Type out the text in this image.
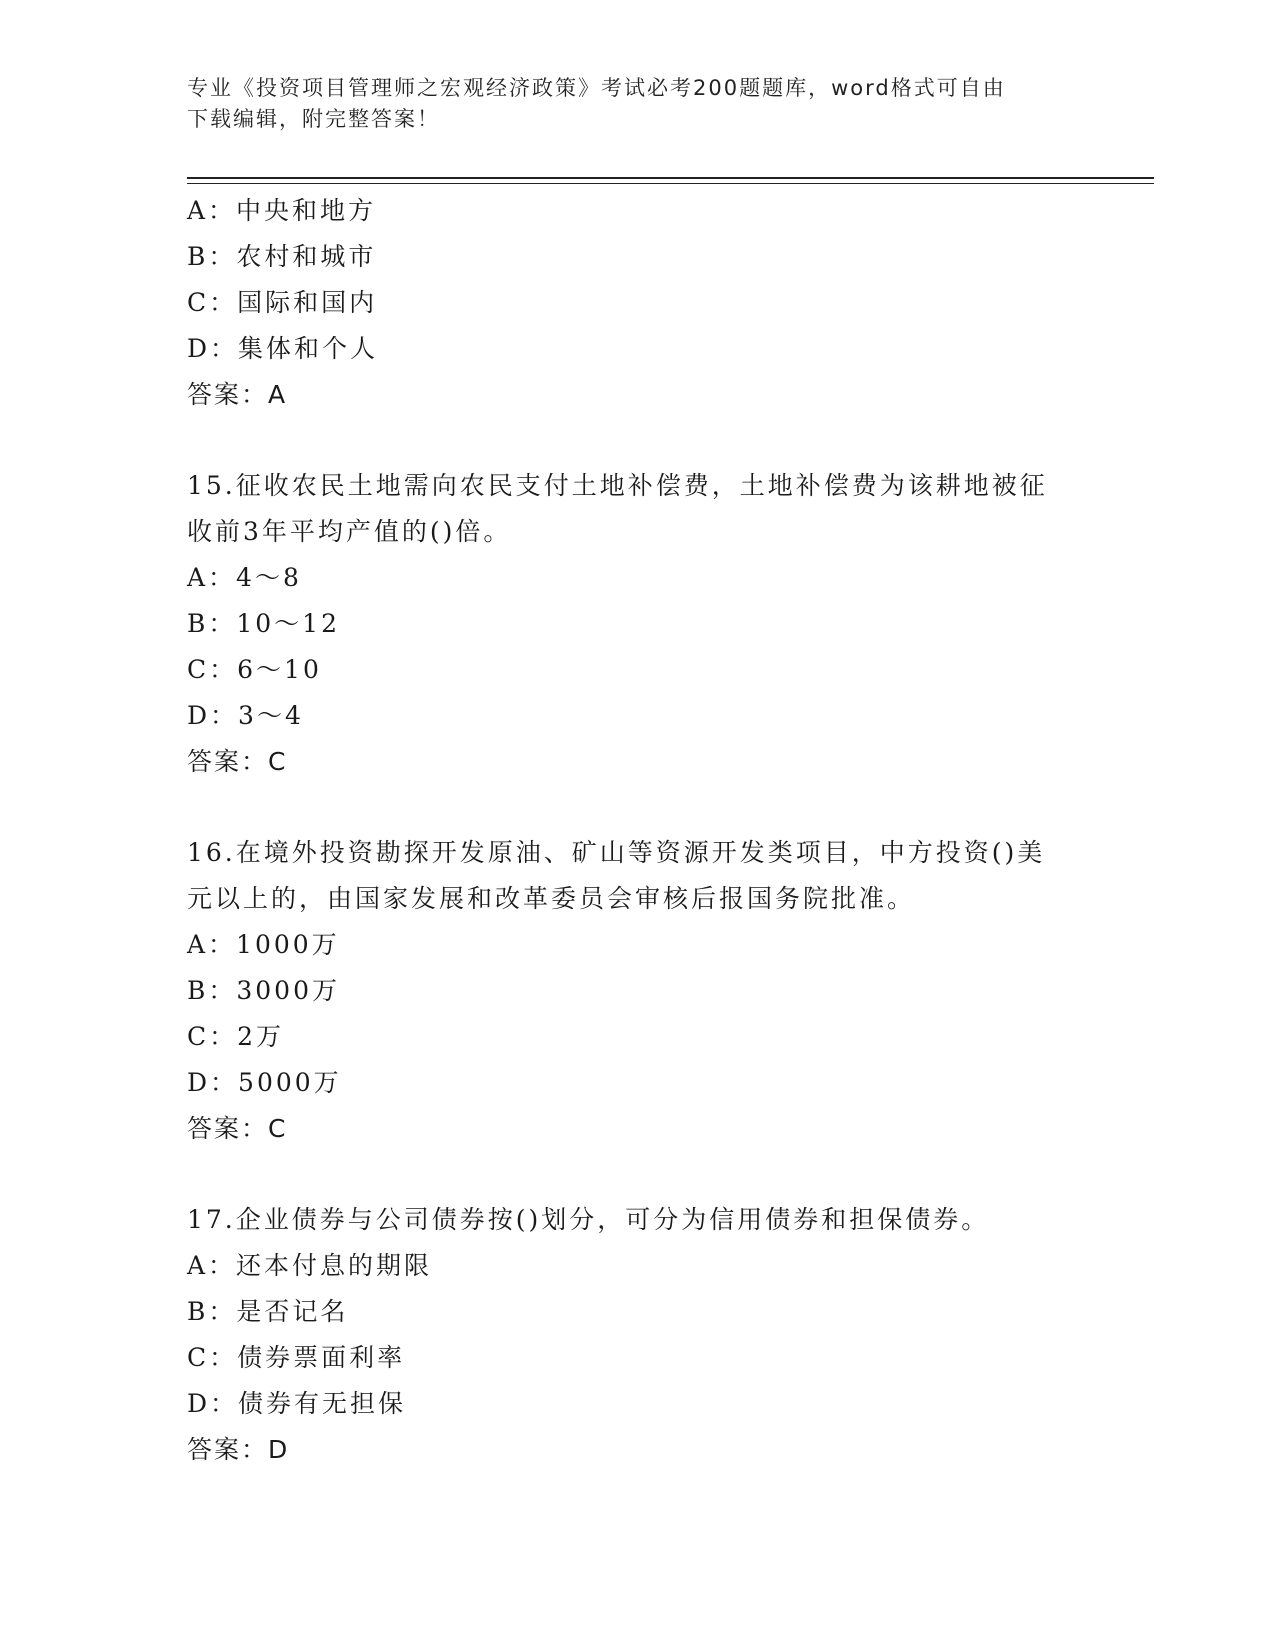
专业《投资项目管理师之宏观经济政策》考试必考200题题库，word格式可自由
下载编辑，附完整答案！
A：中央和地方
B：农村和城市
C：国际和国内
D：集体和个人
答案：A
15.征收农民土地需向农民支付土地补偿费，土地补偿费为该耕地被征
收前3年平均产值的()倍。
A：4～8
B：10～12
C：6～10
D：3～4
答案：C
16.在境外投资勘探开发原油、矿山等资源开发类项目，中方投资()美
元以上的，由国家发展和改革委员会审核后报国务院批准。
A：1000万
B：3000万
C：2万
D：5000万
答案：C
17.企业债券与公司债券按()划分，可分为信用债券和担保债券。
A：还本付息的期限
B：是否记名
C：债券票面利率
D：债券有无担保
答案：D
